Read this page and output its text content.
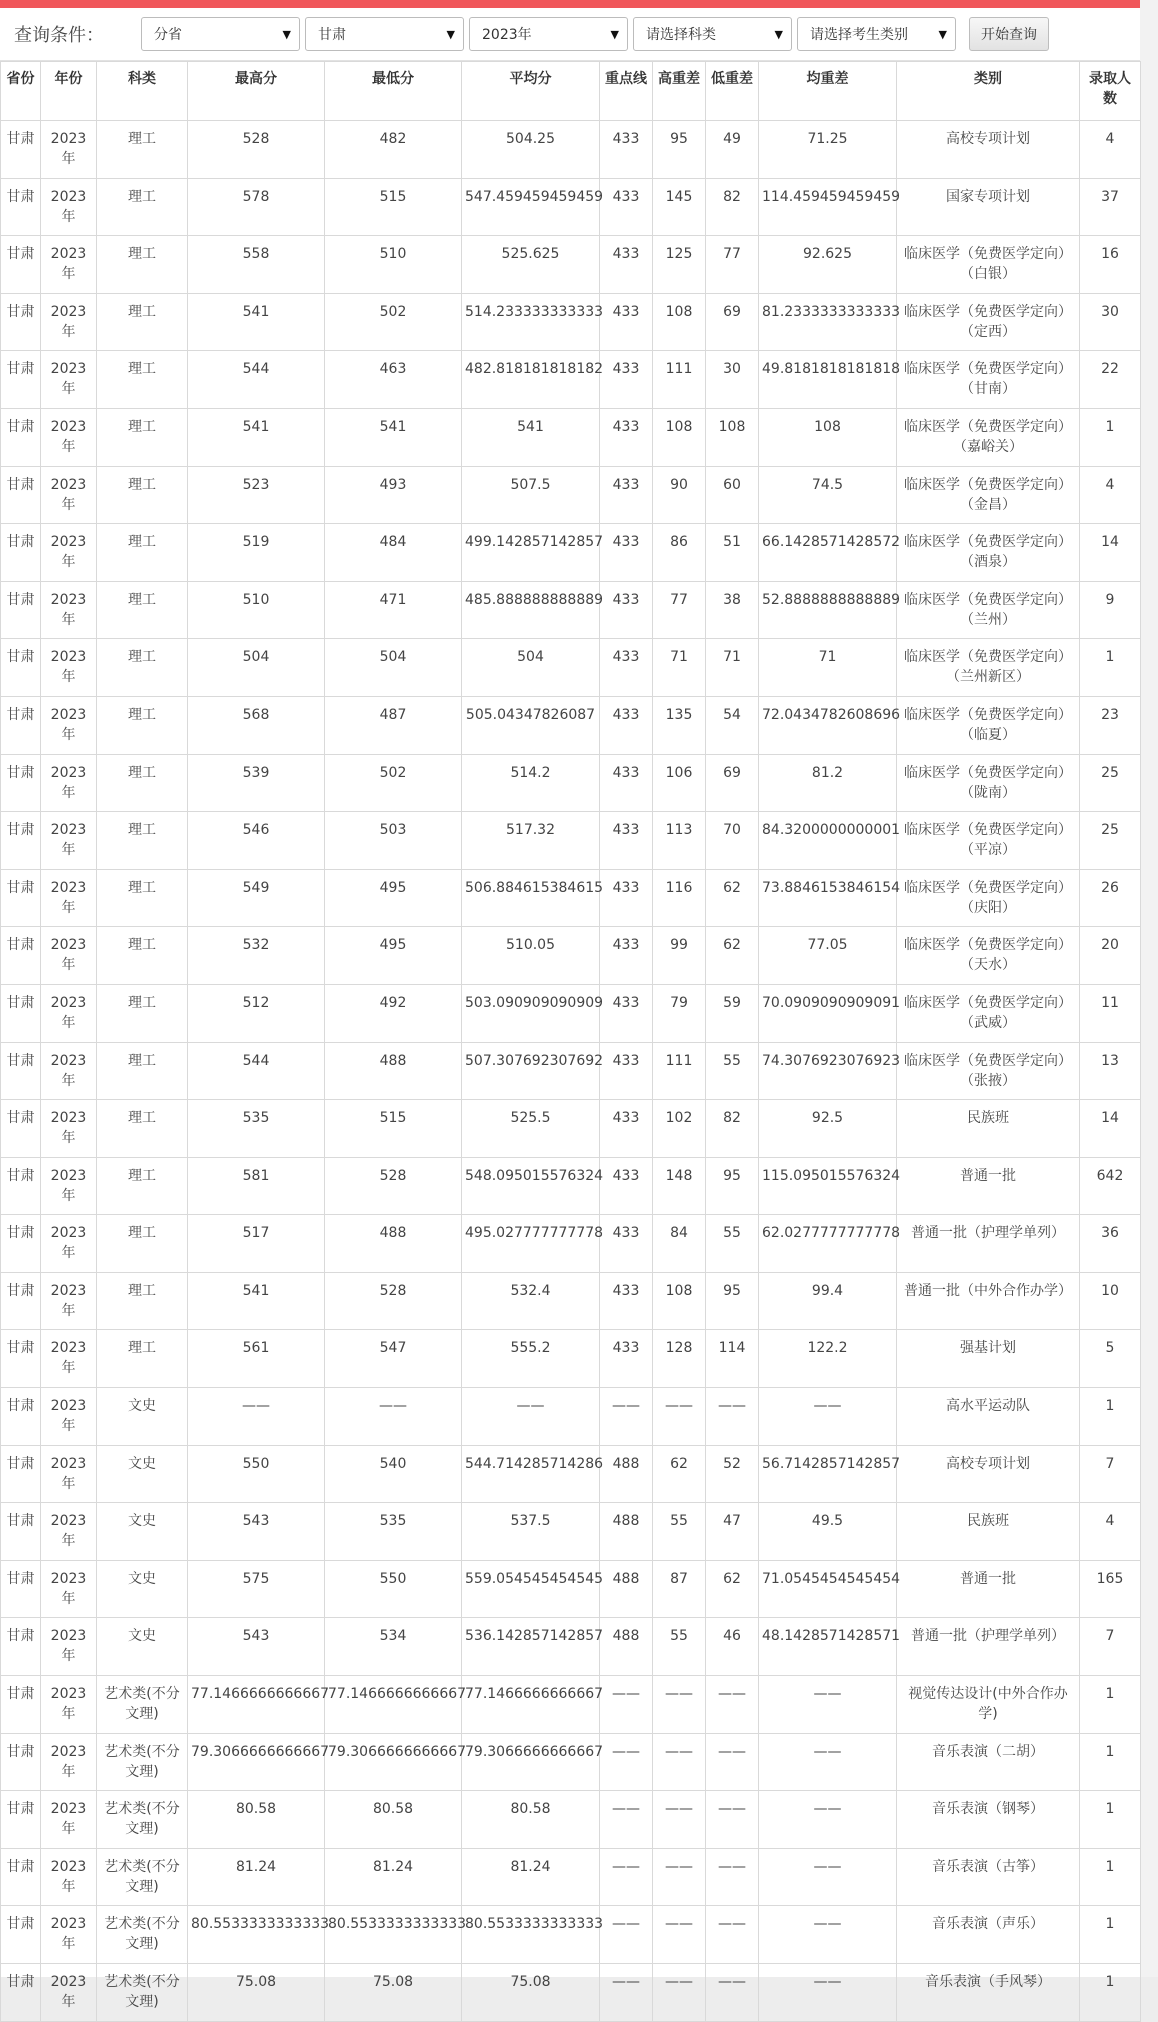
查询条件：	分省	▼ 甘肃	▼ 2023年	▼ 请选择科类	▼ 请选择考生类别	▼	开始查询
省份	年份	科类	最高分	最低分	平均分	重点线	高重差	低重差	均重差	类别	录取人数
甘肃	2023年	理工	528	482	504.25	433	95	49	71.25	高校专项计划	4
甘肃	2023年	理工	578	515	547.459459459459	433	145	82	114.459459459459	国家专项计划	37
甘肃	2023年	理工	558	510	525.625	433	125	77	92.625	临床医学（免费医学定向）（白银）	16
甘肃	2023年	理工	541	502	514.233333333333	433	108	69	81.2333333333333	临床医学（免费医学定向）（定西）	30
甘肃	2023年	理工	544	463	482.818181818182	433	111	30	49.8181818181818	临床医学（免费医学定向）（甘南）	22
甘肃	2023年	理工	541	541	541	433	108	108	108	临床医学（免费医学定向）（嘉峪关）	1
甘肃	2023年	理工	523	493	507.5	433	90	60	74.5	临床医学（免费医学定向）（金昌）	4
甘肃	2023年	理工	519	484	499.142857142857	433	86	51	66.1428571428572	临床医学（免费医学定向）（酒泉）	14
甘肃	2023年	理工	510	471	485.888888888889	433	77	38	52.8888888888889	临床医学（免费医学定向）（兰州）	9
甘肃	2023年	理工	504	504	504	433	71	71	71	临床医学（免费医学定向）（兰州新区）	1
甘肃	2023年	理工	568	487	505.04347826087	433	135	54	72.0434782608696	临床医学（免费医学定向）（临夏）	23
甘肃	2023年	理工	539	502	514.2	433	106	69	81.2	临床医学（免费医学定向）（陇南）	25
甘肃	2023年	理工	546	503	517.32	433	113	70	84.3200000000001	临床医学（免费医学定向）（平凉）	25
甘肃	2023年	理工	549	495	506.884615384615	433	116	62	73.8846153846154	临床医学（免费医学定向）（庆阳）	26
甘肃	2023年	理工	532	495	510.05	433	99	62	77.05	临床医学（免费医学定向）（天水）	20
甘肃	2023年	理工	512	492	503.090909090909	433	79	59	70.0909090909091	临床医学（免费医学定向）（武威）	11
甘肃	2023年	理工	544	488	507.307692307692	433	111	55	74.3076923076923	临床医学（免费医学定向）（张掖）	13
甘肃	2023年	理工	535	515	525.5	433	102	82	92.5	民族班	14
甘肃	2023年	理工	581	528	548.095015576324	433	148	95	115.095015576324	普通一批	642
甘肃	2023年	理工	517	488	495.027777777778	433	84	55	62.0277777777778	普通一批（护理学单列）	36
甘肃	2023年	理工	541	528	532.4	433	108	95	99.4	普通一批（中外合作办学）	10
甘肃	2023年	理工	561	547	555.2	433	128	114	122.2	强基计划	5
甘肃	2023年	文史	——	——	——	——	——	——	——	高水平运动队	1
甘肃	2023年	文史	550	540	544.714285714286	488	62	52	56.7142857142857	高校专项计划	7
甘肃	2023年	文史	543	535	537.5	488	55	47	49.5	民族班	4
甘肃	2023年	文史	575	550	559.054545454545	488	87	62	71.0545454545454	普通一批	165
甘肃	2023年	文史	543	534	536.142857142857	488	55	46	48.1428571428571	普通一批（护理学单列）	7
甘肃	2023年	艺术类(不分文理)	77.1466666666667	77.1466666666667	77.1466666666667	——	——	——	——	视觉传达设计(中外合作办学)	1
甘肃	2023年	艺术类(不分文理)	79.3066666666667	79.3066666666667	79.3066666666667	——	——	——	——	音乐表演（二胡）	1
甘肃	2023年	艺术类(不分文理)	80.58	80.58	80.58	——	——	——	——	音乐表演（钢琴）	1
甘肃	2023年	艺术类(不分文理)	81.24	81.24	81.24	——	——	——	——	音乐表演（古筝）	1
甘肃	2023年	艺术类(不分文理)	80.5533333333333	80.5533333333333	80.5533333333333	——	——	——	——	音乐表演（声乐）	1
甘肃	2023年	艺术类(不分文理)	75.08	75.08	75.08	——	——	——	——	音乐表演（手风琴）	1
